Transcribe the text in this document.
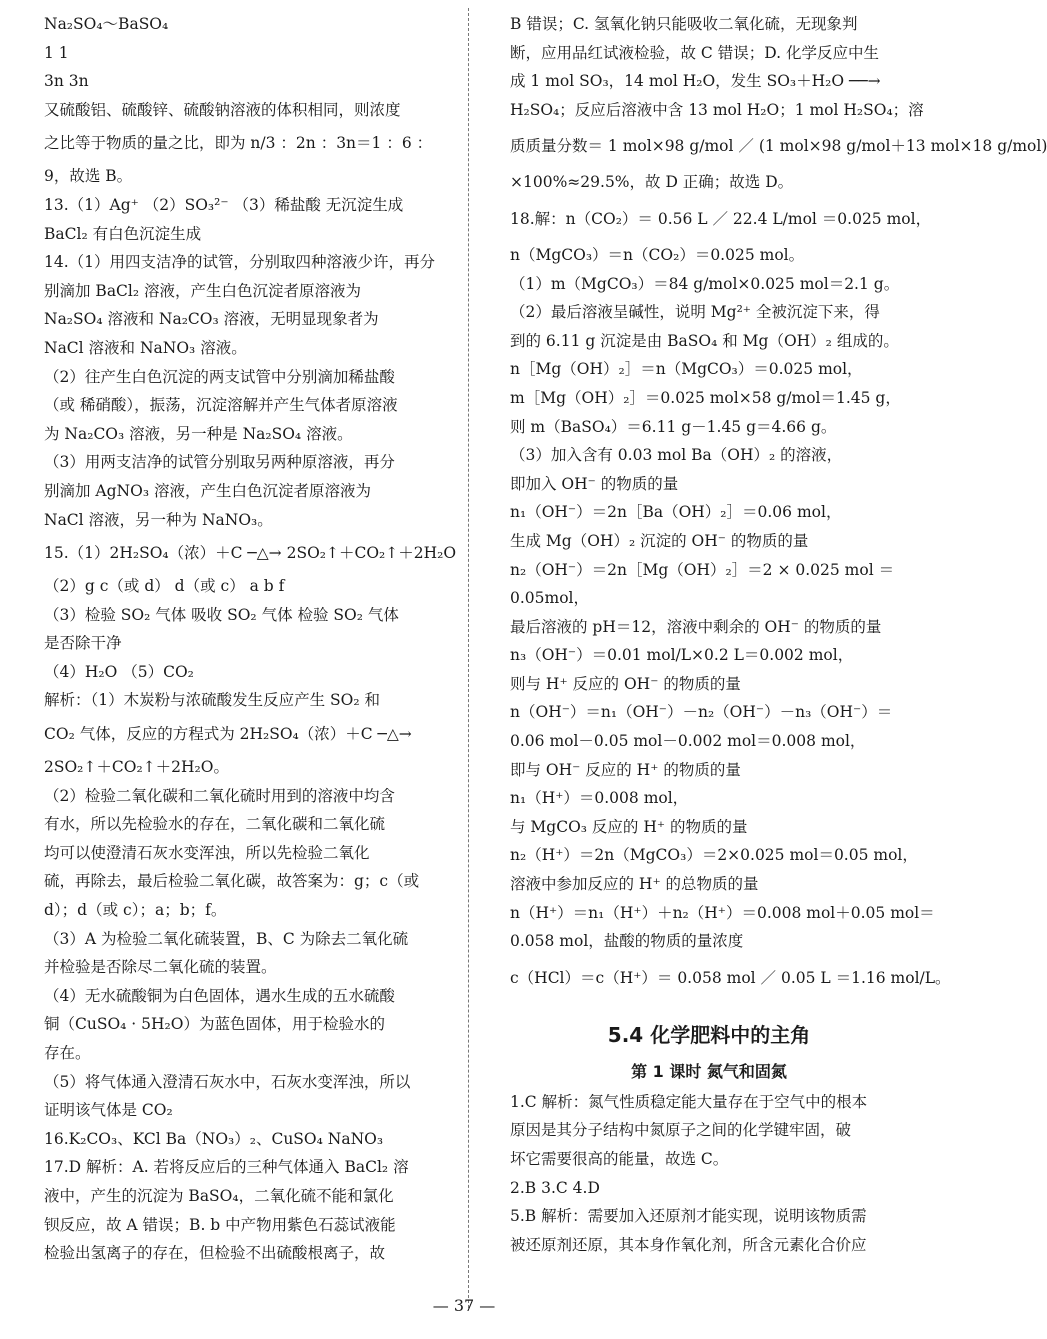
Na₂SO₄～BaSO₄
1 1
3n 3n
又硫酸铝、硫酸锌、硫酸钠溶液的体积相同，则浓度
之比等于物质的量之比，即为 n/3 ：2n ：3n＝1 ：6 ：
9，故选 B。
13.（1）Ag⁺ （2）SO₃²⁻ （3）稀盐酸 无沉淀生成
BaCl₂ 有白色沉淀生成
14.（1）用四支洁净的试管，分别取四种溶液少许，再分
别滴加 BaCl₂ 溶液，产生白色沉淀者原溶液为
Na₂SO₄ 溶液和 Na₂CO₃ 溶液，无明显现象者为
NaCl 溶液和 NaNO₃ 溶液。
（2）往产生白色沉淀的两支试管中分别滴加稀盐酸
（或 稀硝酸），振荡，沉淀溶解并产生气体者原溶液
为 Na₂CO₃ 溶液，另一种是 Na₂SO₄ 溶液。
（3）用两支洁净的试管分别取另两种原溶液，再分
别滴加 AgNO₃ 溶液，产生白色沉淀者原溶液为
NaCl 溶液，另一种为 NaNO₃。
15.（1）2H₂SO₄（浓）＋C ─△→ 2SO₂↑＋CO₂↑＋2H₂O
（2）g c（或 d） d（或 c） a b f
（3）检验 SO₂ 气体 吸收 SO₂ 气体 检验 SO₂ 气体
是否除干净
（4）H₂O （5）CO₂
解析：（1）木炭粉与浓硫酸发生反应产生 SO₂ 和
CO₂ 气体，反应的方程式为 2H₂SO₄（浓）＋C ─△→
2SO₂↑＋CO₂↑＋2H₂O。
（2）检验二氧化碳和二氧化硫时用到的溶液中均含
有水，所以先检验水的存在，二氧化碳和二氧化硫
均可以使澄清石灰水变浑浊，所以先检验二氧化
硫，再除去，最后检验二氧化碳，故答案为：g；c（或
d）；d（或 c）；a；b；f。
（3）A 为检验二氧化硫装置，B、C 为除去二氧化硫
并检验是否除尽二氧化硫的装置。
（4）无水硫酸铜为白色固体，遇水生成的五水硫酸
铜（CuSO₄ · 5H₂O）为蓝色固体，用于检验水的
存在。
（5）将气体通入澄清石灰水中，石灰水变浑浊，所以
证明该气体是 CO₂
16.K₂CO₃、KCl Ba（NO₃）₂、CuSO₄ NaNO₃
17.D 解析：A. 若将反应后的三种气体通入 BaCl₂ 溶
液中，产生的沉淀为 BaSO₄，二氧化硫不能和氯化
钡反应，故 A 错误；B. b 中产物用紫色石蕊试液能
检验出氢离子的存在，但检验不出硫酸根离子，故
B 错误；C. 氢氧化钠只能吸收二氧化硫，无现象判
断，应用品红试液检验，故 C 错误；D. 化学反应中生
成 1 mol SO₃，14 mol H₂O，发生 SO₃＋H₂O ──→
H₂SO₄；反应后溶液中含 13 mol H₂O；1 mol H₂SO₄；溶
质质量分数＝ 1 mol×98 g/mol ／ (1 mol×98 g/mol＋13 mol×18 g/mol)
×100%≈29.5%，故 D 正确；故选 D。
18.解：n（CO₂）＝ 0.56 L ／ 22.4 L/mol ＝0.025 mol，
n（MgCO₃）＝n（CO₂）＝0.025 mol。
（1）m（MgCO₃）＝84 g/mol×0.025 mol＝2.1 g。
（2）最后溶液呈碱性，说明 Mg²⁺ 全被沉淀下来，得
到的 6.11 g 沉淀是由 BaSO₄ 和 Mg（OH）₂ 组成的。
n［Mg（OH）₂］＝n（MgCO₃）＝0.025 mol，
m［Mg（OH）₂］＝0.025 mol×58 g/mol＝1.45 g，
则 m（BaSO₄）＝6.11 g－1.45 g＝4.66 g。
（3）加入含有 0.03 mol Ba（OH）₂ 的溶液，
即加入 OH⁻ 的物质的量
n₁（OH⁻）＝2n［Ba（OH）₂］＝0.06 mol，
生成 Mg（OH）₂ 沉淀的 OH⁻ 的物质的量
n₂（OH⁻）＝2n［Mg（OH）₂］＝2 × 0.025 mol ＝
0.05mol，
最后溶液的 pH＝12，溶液中剩余的 OH⁻ 的物质的量
n₃（OH⁻）＝0.01 mol/L×0.2 L＝0.002 mol，
则与 H⁺ 反应的 OH⁻ 的物质的量
n（OH⁻）＝n₁（OH⁻）－n₂（OH⁻）－n₃（OH⁻）＝
0.06 mol－0.05 mol－0.002 mol＝0.008 mol，
即与 OH⁻ 反应的 H⁺ 的物质的量
n₁（H⁺）＝0.008 mol，
与 MgCO₃ 反应的 H⁺ 的物质的量
n₂（H⁺）＝2n（MgCO₃）＝2×0.025 mol＝0.05 mol，
溶液中参加反应的 H⁺ 的总物质的量
n（H⁺）＝n₁（H⁺）＋n₂（H⁺）＝0.008 mol＋0.05 mol＝
0.058 mol，盐酸的物质的量浓度
c（HCl）＝c（H⁺）＝ 0.058 mol ／ 0.05 L ＝1.16 mol/L。
5.4 化学肥料中的主角
第 1 课时 氮气和固氮
1.C 解析：氮气性质稳定能大量存在于空气中的根本
原因是其分子结构中氮原子之间的化学键牢固，破
坏它需要很高的能量，故选 C。
2.B 3.C 4.D
5.B 解析：需要加入还原剂才能实现，说明该物质需
被还原剂还原，其本身作氧化剂，所含元素化合价应
— 37 —
